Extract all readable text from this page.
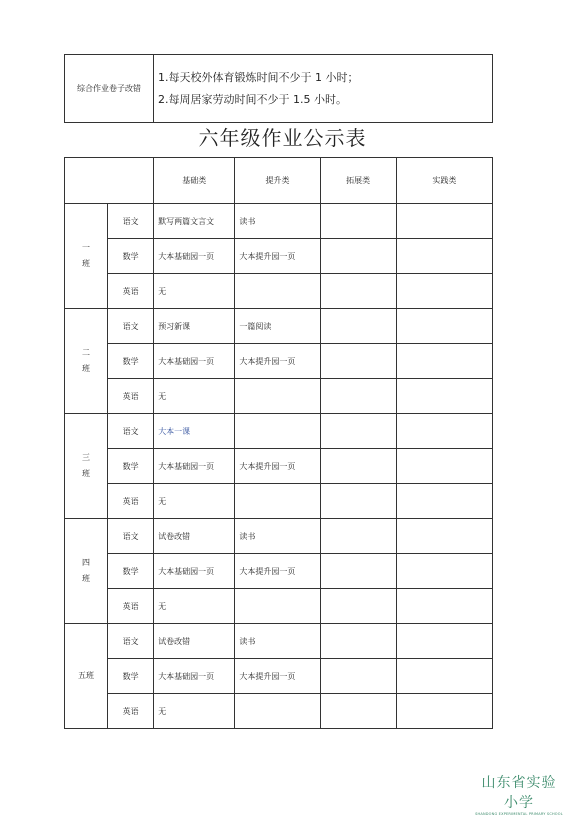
综合作业卷子改错	
1.每天校外体育锻炼时间不少于 1 小时；
2.每周居家劳动时间不少于 1.5 小时。
六年级作业公示表
		基础类	提升类	拓展类	实践类

一
班	语文	默写两篇文言文	读书		
	数学	大本基础园一页	大本提升园一页		
	英语	无			

二
班	语文	预习新课	一篇阅读		
	数学	大本基础园一页	大本提升园一页		
	英语	无			

三
班	语文	大本一课			
	数学	大本基础园一页	大本提升园一页		
	英语	无			

四
班	语文	试卷改错	读书		
	数学	大本基础园一页	大本提升园一页		
	英语	无			

五班	语文	试卷改错	读书		
	数学	大本基础园一页	大本提升园一页		
	英语	无			
山东省实验小学
SHANDONG EXPERIMENTAL PRIMARY SCHOOL
